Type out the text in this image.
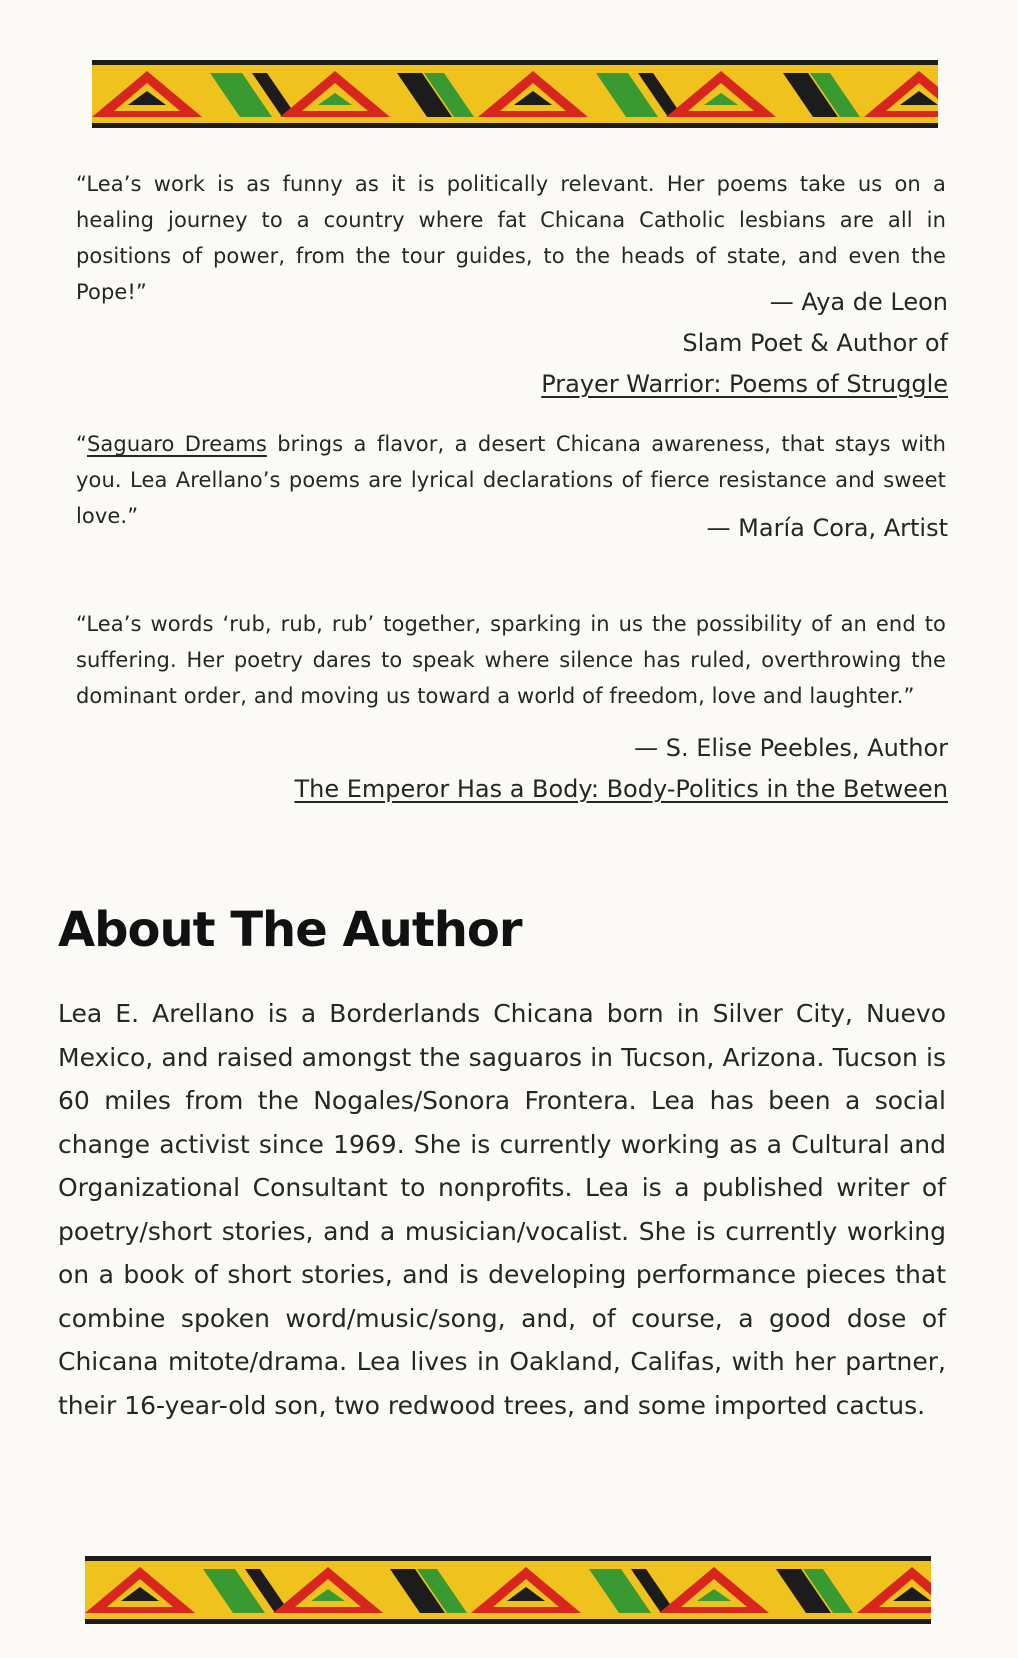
“Lea’s work is as funny as it is politically relevant. Her poems take us on a healing journey to a country where fat Chicana Catholic lesbians are all in positions of power, from the tour guides, to the heads of state, and even the Pope!”	— Aya de Leon
Slam Poet & Author of
Prayer Warrior: Poems of Struggle
“Saguaro Dreams brings a flavor, a desert Chicana awareness, that stays with you. Lea Arellano’s poems are lyrical declarations of fierce resistance and sweet love.”	— María Cora, Artist
“Lea’s words ‘rub, rub, rub’ together, sparking in us the possibility of an end to suffering. Her poetry dares to speak where silence has ruled, overthrowing the dominant order, and moving us toward a world of freedom, love and laughter.”
— S. Elise Peebles, Author
The Emperor Has a Body: Body-Politics in the Between
About The Author
Lea E. Arellano is a Borderlands Chicana born in Silver City, Nuevo Mexico, and raised amongst the saguaros in Tucson, Arizona. Tucson is 60 miles from the Nogales/Sonora Frontera. Lea has been a social change activist since 1969. She is currently working as a Cultural and Organizational Consultant to nonprofits. Lea is a published writer of poetry/short stories, and a musician/vocalist. She is currently working on a book of short stories, and is developing performance pieces that combine spoken word/music/song, and, of course, a good dose of Chicana mitote/drama. Lea lives in Oakland, Califas, with her partner, their 16-year-old son, two redwood trees, and some imported cactus.
